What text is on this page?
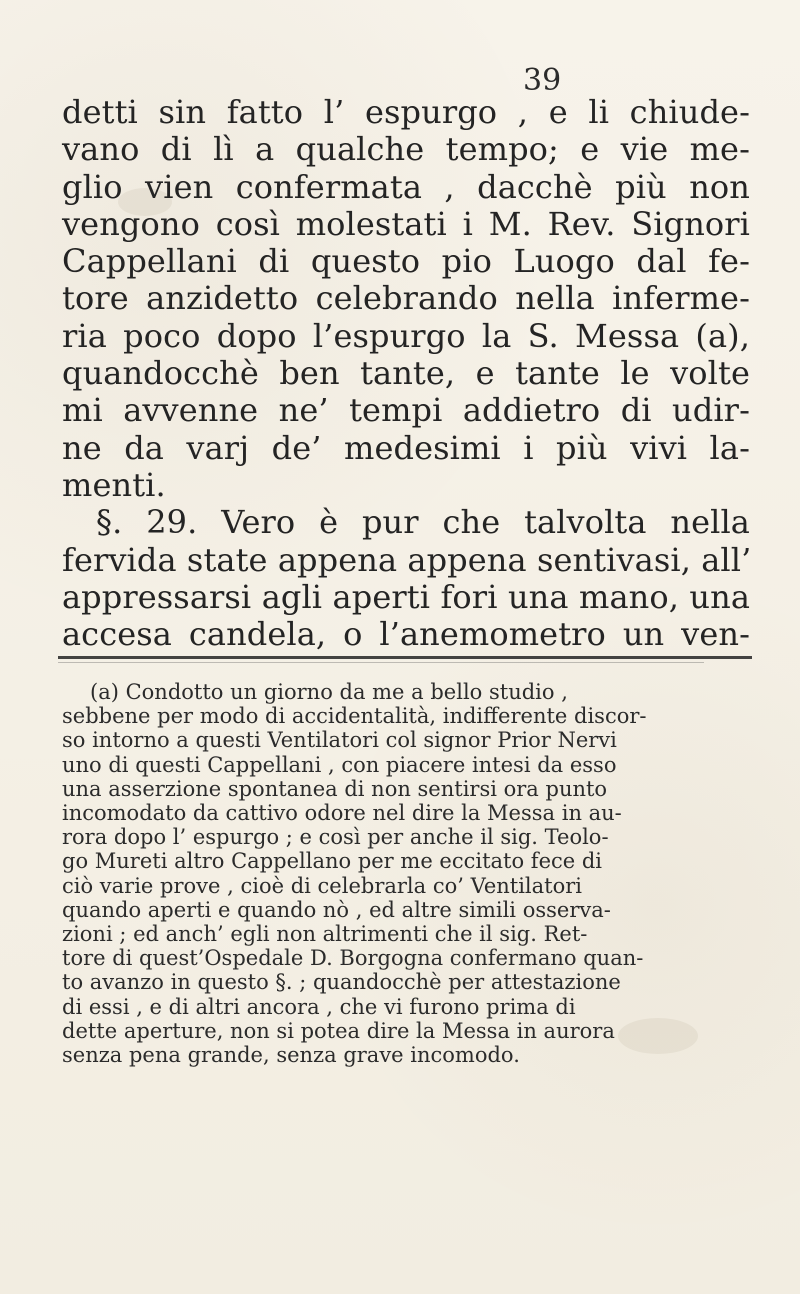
39
detti sin fatto l’ espurgo , e li chiude-
vano di lì a qualche tempo; e vie me-
glio vien confermata , dacchè più non
vengono così molestati i M. Rev. Signori
Cappellani di questo pio Luogo dal fe-
tore anzidetto celebrando nella inferme-
ria poco dopo l’espurgo la S. Messa (a),
quandocchè ben tante, e tante le volte
mi avvenne ne’ tempi addietro di udir-
ne da varj de’ medesimi i più vivi la-
menti.
§. 29. Vero è pur che talvolta nella
fervida state appena appena sentivasi, all’
appressarsi agli aperti fori una mano, una
accesa candela, o l’anemometro un ven-
(a) Condotto un giorno da me a bello studio ,
sebbene per modo di accidentalità, indifferente discor-
so intorno a questi Ventilatori col signor Prior Nervi
uno di questi Cappellani , con piacere intesi da esso
una asserzione spontanea di non sentirsi ora punto
incomodato da cattivo odore nel dire la Messa in au-
rora dopo l’ espurgo ; e così per anche il sig. Teolo-
go Mureti altro Cappellano per me eccitato fece di
ciò varie prove , cioè di celebrarla co’ Ventilatori
quando aperti e quando nò , ed altre simili osserva-
zioni ; ed anch’ egli non altrimenti che il sig. Ret-
tore di quest’Ospedale D. Borgogna confermano quan-
to avanzo in questo §. ; quandocchè per attestazione
di essi , e di altri ancora , che vi furono prima di
dette aperture, non si potea dire la Messa in aurora
senza pena grande, senza grave incomodo.
